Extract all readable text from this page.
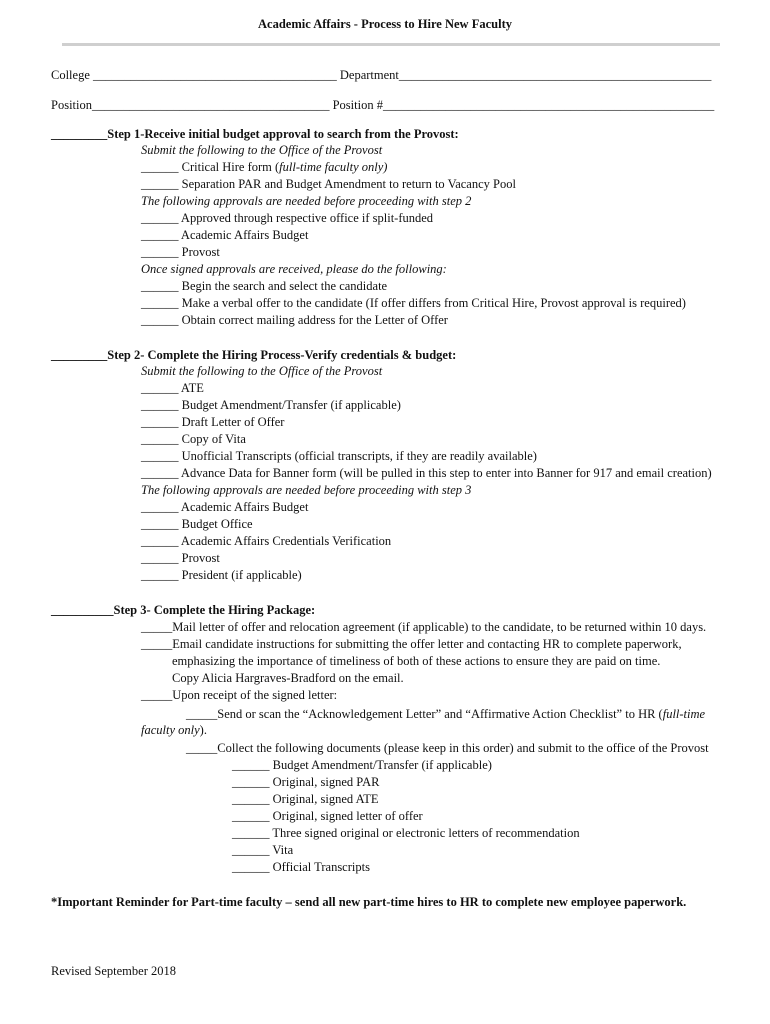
Academic Affairs - Process to Hire New Faculty
College _______________________________________ Department__________________________________________________
Position______________________________________ Position #_____________________________________________________
_________Step 1-Receive initial budget approval to search from the Provost:
Submit the following to the Office of the Provost
______ Critical Hire form (full-time faculty only)
______ Separation PAR and Budget Amendment to return to Vacancy Pool
The following approvals are needed before proceeding with step 2
______ Approved through respective office if split-funded
______ Academic Affairs Budget
______ Provost
Once signed approvals are received, please do the following:
______ Begin the search and select the candidate
______ Make a verbal offer to the candidate (If offer differs from Critical Hire, Provost approval is required)
______ Obtain correct mailing address for the Letter of Offer
_________Step 2- Complete the Hiring Process-Verify credentials & budget:
Submit the following to the Office of the Provost
______ ATE
______ Budget Amendment/Transfer (if applicable)
______ Draft Letter of Offer
______ Copy of Vita
______ Unofficial Transcripts (official transcripts, if they are readily available)
______ Advance Data for Banner form (will be pulled in this step to enter into Banner for 917 and email creation)
The following approvals are needed before proceeding with step 3
______ Academic Affairs Budget
______ Budget Office
______ Academic Affairs Credentials Verification
______ Provost
______ President (if applicable)
__________Step 3- Complete the Hiring Package:
_____Mail letter of offer and relocation agreement (if applicable) to the candidate, to be returned within 10 days.
_____Email candidate instructions for submitting the offer letter and contacting HR to complete paperwork,
emphasizing the importance of timeliness of both of these actions to ensure they are paid on time.
Copy Alicia Hargraves-Bradford on the email.
_____Upon receipt of the signed letter:
_____Send or scan the “Acknowledgement Letter” and “Affirmative Action Checklist” to HR (full-time
faculty only).
_____Collect the following documents (please keep in this order) and submit to the office of the Provost
______ Budget Amendment/Transfer (if applicable)
______ Original, signed PAR
______ Original, signed ATE
______ Original, signed letter of offer
______ Three signed original or electronic letters of recommendation
______ Vita
______ Official Transcripts
*Important Reminder for Part-time faculty – send all new part-time hires to HR to complete new employee paperwork.
Revised September 2018
